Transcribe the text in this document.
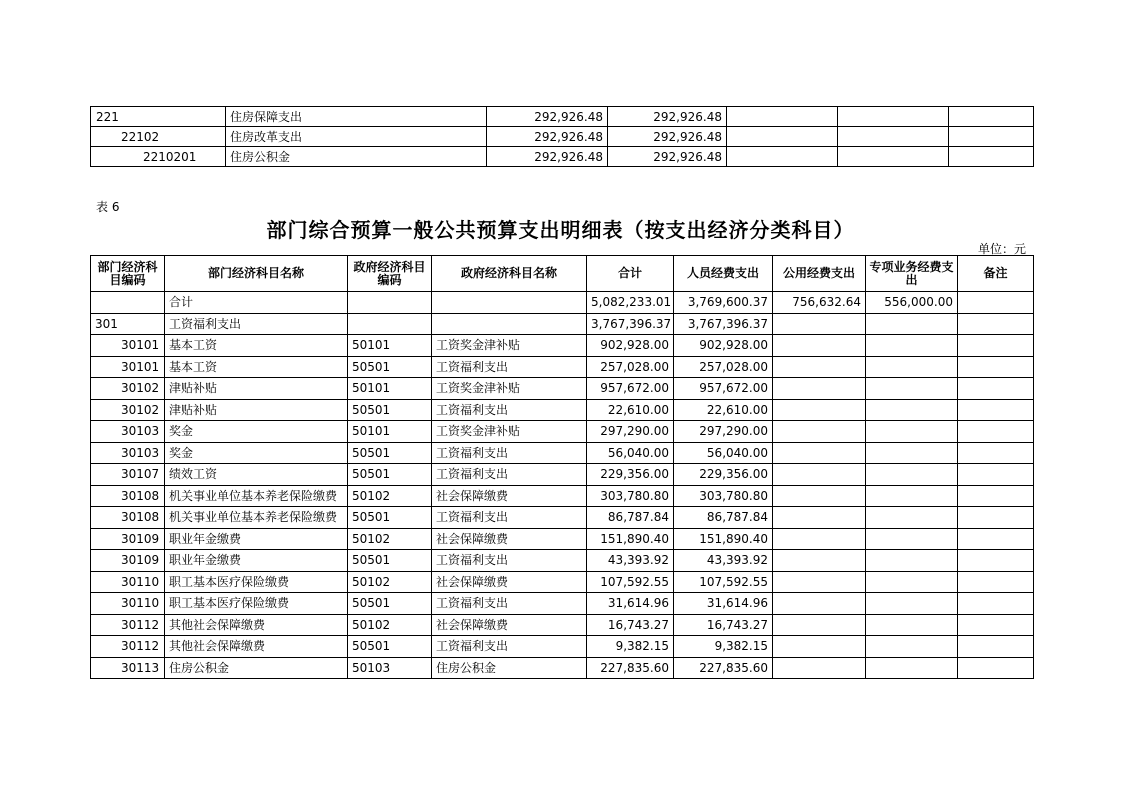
221	住房保障支出	292,926.48	292,926.48			
22102	住房改革支出	292,926.48	292,926.48			
2210201	住房公积金	292,926.48	292,926.48			
表 6
部门综合预算一般公共预算支出明细表（按支出经济分类科目）
单位：元
部门经济科目编码	部门经济科目名称	政府经济科目编码	政府经济科目名称	合计	人员经费支出	公用经费支出	专项业务经费支出	备注
	合计			5,082,233.01	3,769,600.37	756,632.64	556,000.00	
301	工资福利支出			3,767,396.37	3,767,396.37			
30101	基本工资	50101	工资奖金津补贴	902,928.00	902,928.00			
30101	基本工资	50501	工资福利支出	257,028.00	257,028.00			
30102	津贴补贴	50101	工资奖金津补贴	957,672.00	957,672.00			
30102	津贴补贴	50501	工资福利支出	22,610.00	22,610.00			
30103	奖金	50101	工资奖金津补贴	297,290.00	297,290.00			
30103	奖金	50501	工资福利支出	56,040.00	56,040.00			
30107	绩效工资	50501	工资福利支出	229,356.00	229,356.00			
30108	机关事业单位基本养老保险缴费	50102	社会保障缴费	303,780.80	303,780.80			
30108	机关事业单位基本养老保险缴费	50501	工资福利支出	86,787.84	86,787.84			
30109	职业年金缴费	50102	社会保障缴费	151,890.40	151,890.40			
30109	职业年金缴费	50501	工资福利支出	43,393.92	43,393.92			
30110	职工基本医疗保险缴费	50102	社会保障缴费	107,592.55	107,592.55			
30110	职工基本医疗保险缴费	50501	工资福利支出	31,614.96	31,614.96			
30112	其他社会保障缴费	50102	社会保障缴费	16,743.27	16,743.27			
30112	其他社会保障缴费	50501	工资福利支出	9,382.15	9,382.15			
30113	住房公积金	50103	住房公积金	227,835.60	227,835.60			
